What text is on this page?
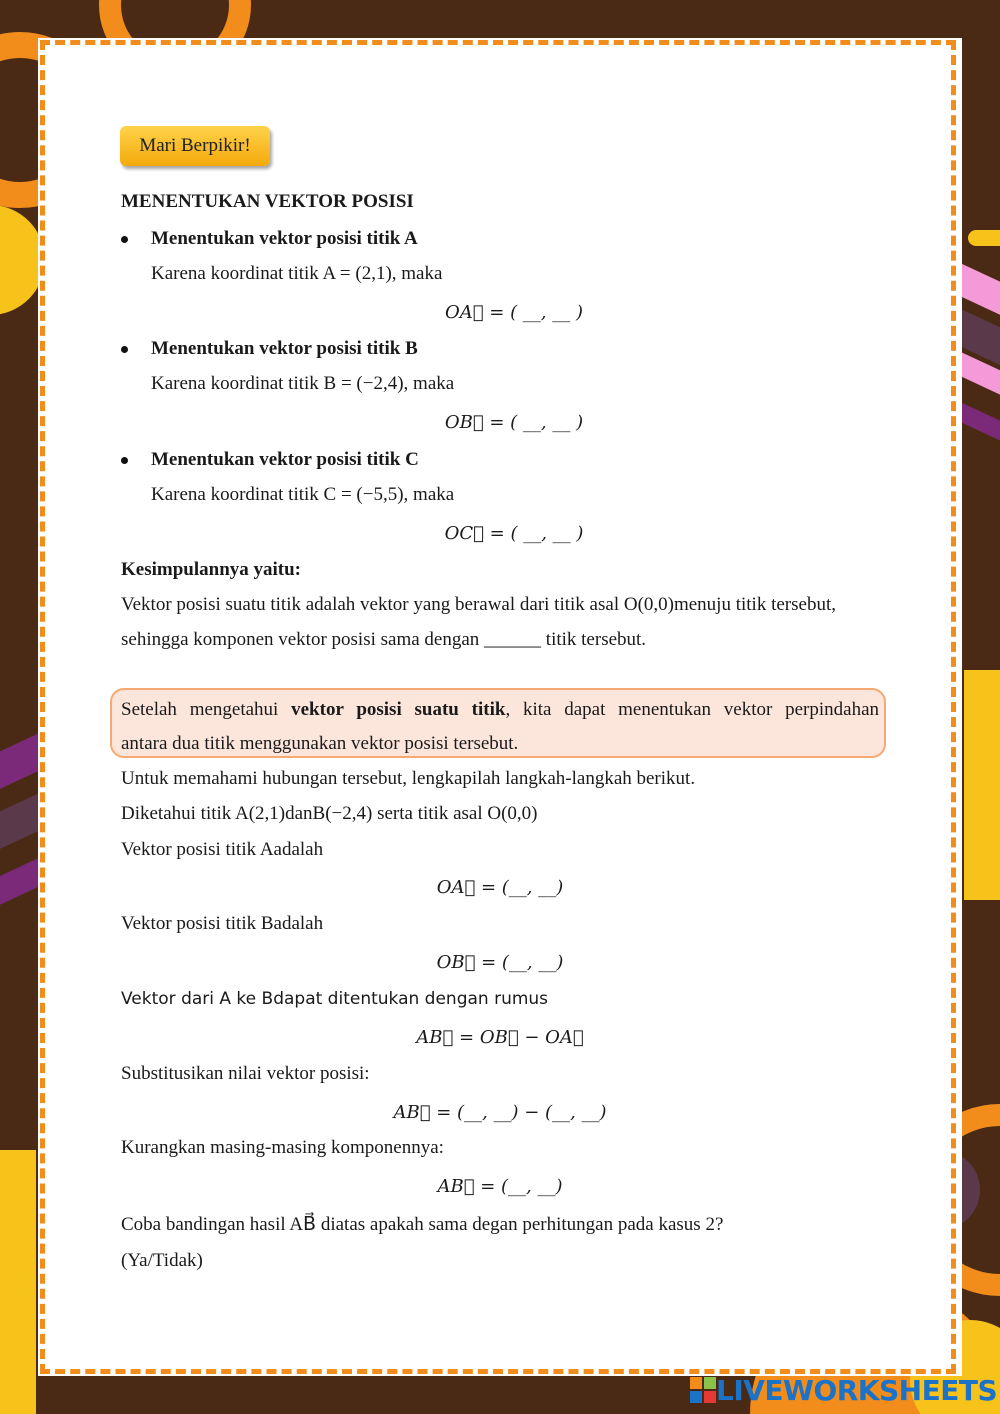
Mari Berpikir!
MENENTUKAN VEKTOR POSISI
Menentukan vektor posisi titik A
Karena koordinat titik A = (2,1), maka
OA⃗ = ( __, __ )
Menentukan vektor posisi titik B
Karena koordinat titik B = (−2,4), maka
OB⃗ = ( __, __ )
Menentukan vektor posisi titik C
Karena koordinat titik C = (−5,5), maka
OC⃗ = ( __, __ )
Kesimpulannya yaitu:
Vektor posisi suatu titik adalah vektor yang berawal dari titik asal O(0,0)menuju titik tersebut,
sehingga komponen vektor posisi sama dengan ______ titik tersebut.
Setelah mengetahui vektor posisi suatu titik, kita dapat menentukan vektor perpindahan
antara dua titik menggunakan vektor posisi tersebut.
Untuk memahami hubungan tersebut, lengkapilah langkah-langkah berikut.
Diketahui titik A(2,1)danB(−2,4) serta titik asal O(0,0)
Vektor posisi titik Aadalah
OA⃗ = (__, __)
Vektor posisi titik Badalah
OB⃗ = (__, __)
Vektor dari A ke Bdapat ditentukan dengan rumus
AB⃗ = OB⃗ − OA⃗
Substitusikan nilai vektor posisi:
AB⃗ = (__, __) − (__, __)
Kurangkan masing-masing komponennya:
AB⃗ = (__, __)
Coba bandingan hasil AB⃗ diatas apakah sama degan perhitungan pada kasus 2?
(Ya/Tidak)
LIVEWORKSHEETS
